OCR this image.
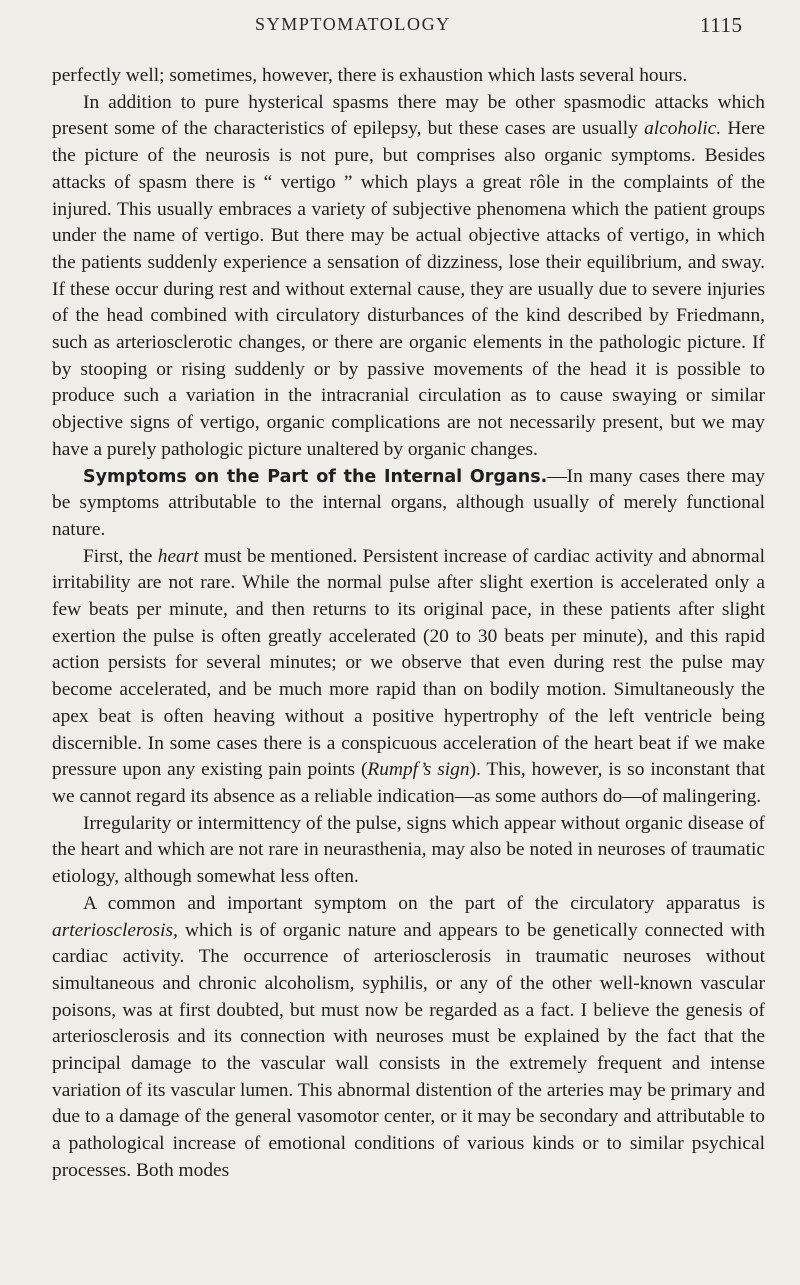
SYMPTOMATOLOGY	1115

perfectly well; sometimes, however, there is exhaustion which lasts several hours.

In addition to pure hysterical spasms there may be other spasmodic attacks which present some of the characteristics of epilepsy, but these cases are usually alcoholic. Here the picture of the neurosis is not pure, but comprises also organic symptoms. Besides attacks of spasm there is “ vertigo ” which plays a great rôle in the complaints of the injured. This usually embraces a variety of subjective phenomena which the patient groups under the name of vertigo. But there may be actual objective attacks of vertigo, in which the patients suddenly experience a sensation of dizziness, lose their equilibrium, and sway. If these occur during rest and without external cause, they are usually due to severe injuries of the head combined with circulatory disturbances of the kind described by Friedmann, such as arteriosclerotic changes, or there are organic elements in the pathologic picture. If by stooping or rising suddenly or by passive movements of the head it is possible to produce such a variation in the intracranial circulation as to cause swaying or similar objective signs of vertigo, organic complications are not necessarily present, but we may have a purely pathologic picture unaltered by organic changes.

Symptoms on the Part of the Internal Organs.—In many cases there may be symptoms attributable to the internal organs, although usually of merely functional nature.

First, the heart must be mentioned. Persistent increase of cardiac activity and abnormal irritability are not rare. While the normal pulse after slight exertion is accelerated only a few beats per minute, and then returns to its original pace, in these patients after slight exertion the pulse is often greatly accelerated (20 to 30 beats per minute), and this rapid action persists for several minutes; or we observe that even during rest the pulse may become accelerated, and be much more rapid than on bodily motion. Simultaneously the apex beat is often heaving without a positive hypertrophy of the left ventricle being discernible. In some cases there is a conspicuous acceleration of the heart beat if we make pressure upon any existing pain points (Rumpf’s sign). This, however, is so inconstant that we cannot regard its absence as a reliable indication—as some authors do—of malingering.

Irregularity or intermittency of the pulse, signs which appear without organic disease of the heart and which are not rare in neurasthenia, may also be noted in neuroses of traumatic etiology, although somewhat less often.

A common and important symptom on the part of the circulatory apparatus is arteriosclerosis, which is of organic nature and appears to be genetically connected with cardiac activity. The occurrence of arteriosclerosis in traumatic neuroses without simultaneous and chronic alcoholism, syphilis, or any of the other well-known vascular poisons, was at first doubted, but must now be regarded as a fact. I believe the genesis of arteriosclerosis and its connection with neuroses must be explained by the fact that the principal damage to the vascular wall consists in the extremely frequent and intense variation of its vascular lumen. This abnormal distention of the arteries may be primary and due to a damage of the general vasomotor center, or it may be secondary and attributable to a pathological increase of emotional conditions of various kinds or to similar psychical processes. Both modes
